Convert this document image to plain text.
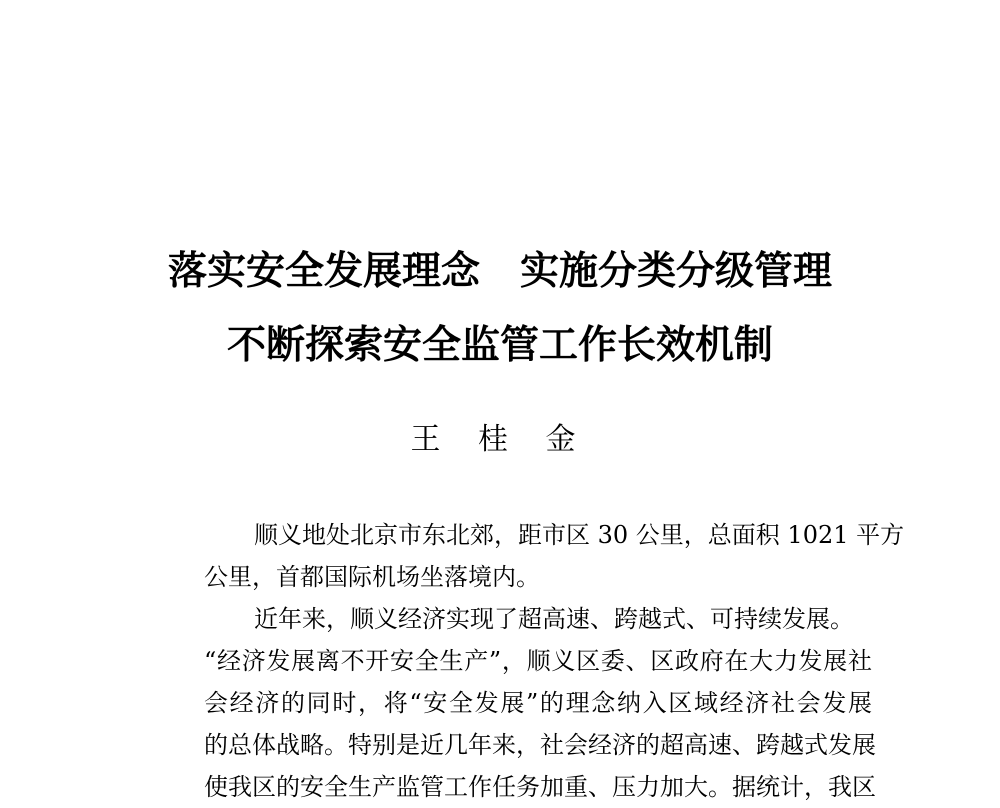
落实安全发展理念 实施分类分级管理
不断探索安全监管工作长效机制
王 桂 金
顺义地处北京市东北郊，距市区 30 公里，总面积 1021 平方
公里，首都国际机场坐落境内。
近年来，顺义经济实现了超高速、跨越式、可持续发展。
“经济发展离不开安全生产”，顺义区委、区政府在大力发展社
会经济的同时，将“安全发展”的理念纳入区域经济社会发展
的总体战略。特别是近几年来，社会经济的超高速、跨越式发展
使我区的安全生产监管工作任务加重、压力加大。据统计，我区
